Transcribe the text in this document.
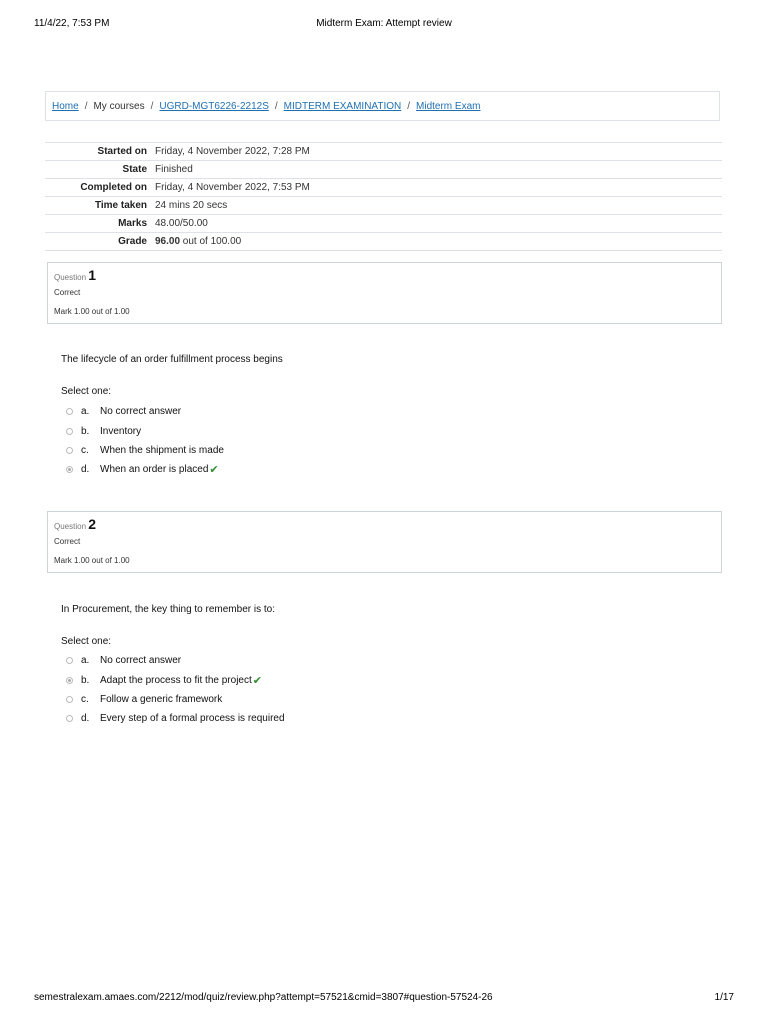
11/4/22, 7:53 PM	Midterm Exam: Attempt review
Home / My courses / UGRD-MGT6226-2212S / MIDTERM EXAMINATION / Midterm Exam
Started on	Friday, 4 November 2022, 7:28 PM
State	Finished
Completed on	Friday, 4 November 2022, 7:53 PM
Time taken	24 mins 20 secs
Marks	48.00/50.00
Grade	96.00 out of 100.00
Question 1
Correct
Mark 1.00 out of 1.00
The lifecycle of an order fulfillment process begins
Select one:
a.	No correct answer
b.	Inventory
c.	When the shipment is made
d.	When an order is placed ✔
Question 2
Correct
Mark 1.00 out of 1.00
In Procurement, the key thing to remember is to:
Select one:
a.	No correct answer
b.	Adapt the process to fit the project ✔
c.	Follow a generic framework
d.	Every step of a formal process is required
semestralexam.amaes.com/2212/mod/quiz/review.php?attempt=57521&cmid=3807#question-57524-26	1/17
